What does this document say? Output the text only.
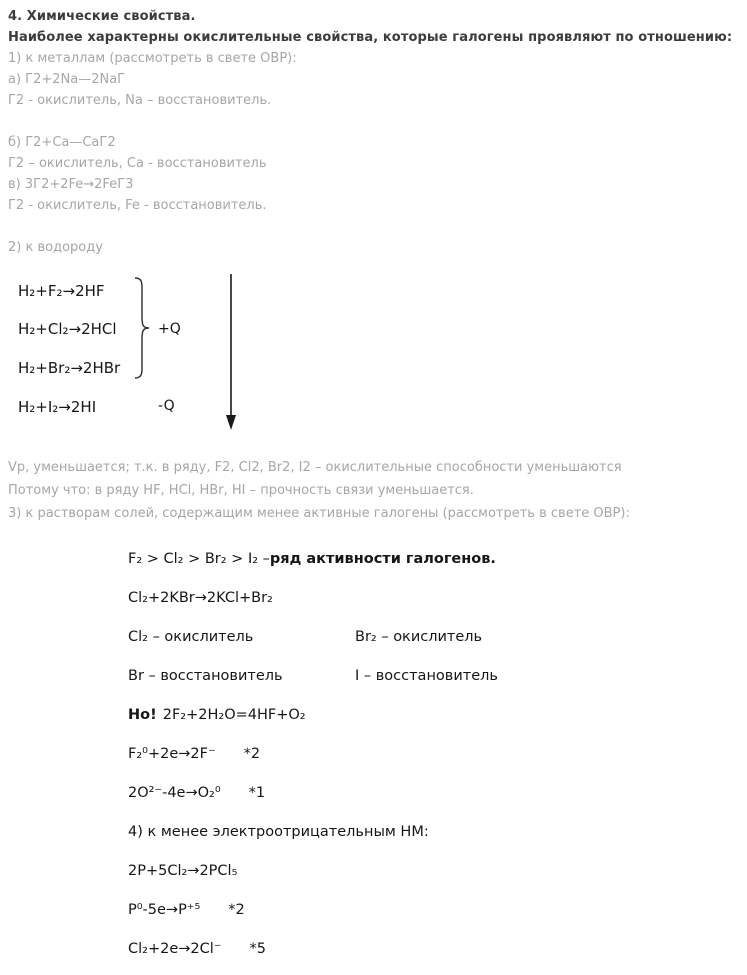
4. Химические свойства.
Наиболее характерны окислительные свойства, которые галогены проявляют по отношению:
1) к металлам (рассмотреть в свете ОВР):
а) Г2+2Na—2NaГ
Г2 - окислитель, Na – восстановитель.
б) Г2+Са—СаГ2
Г2 – окислитель, Са - восстановитель
в) 3Г2+2Fe→2FeГ3
Г2 - окислитель, Fe - восстановитель.
2) к водороду
H₂+F₂→2HF
H₂+Cl₂→2HCl
H₂+Br₂→2HBr
H₂+I₂→2HI
+Q
-Q
Vр, уменьшается; т.к. в ряду, F2, Cl2, Br2, I2 – окислительные способности уменьшаются
Потому что: в ряду HF, HCl, HBr, HI – прочность связи уменьшается.
3) к растворам солей, содержащим менее активные галогены (рассмотреть в свете ОВР):
F₂ > Cl₂ > Br₂ > I₂ – ряд активности галогенов.
Cl₂+2KBr→2KCl+Br₂
Cl₂ – окислитель	Br₂ – окислитель
Br – восстановитель	I – восстановитель
Но! 2F₂+2H₂O=4HF+O₂
F₂⁰+2e→2F⁻ *2
2O²⁻-4e→O₂⁰ *1
4) к менее электроотрицательным НМ:
2P+5Cl₂→2PCl₅
P⁰-5e→P⁺⁵ *2
Cl₂+2e→2Cl⁻ *5
